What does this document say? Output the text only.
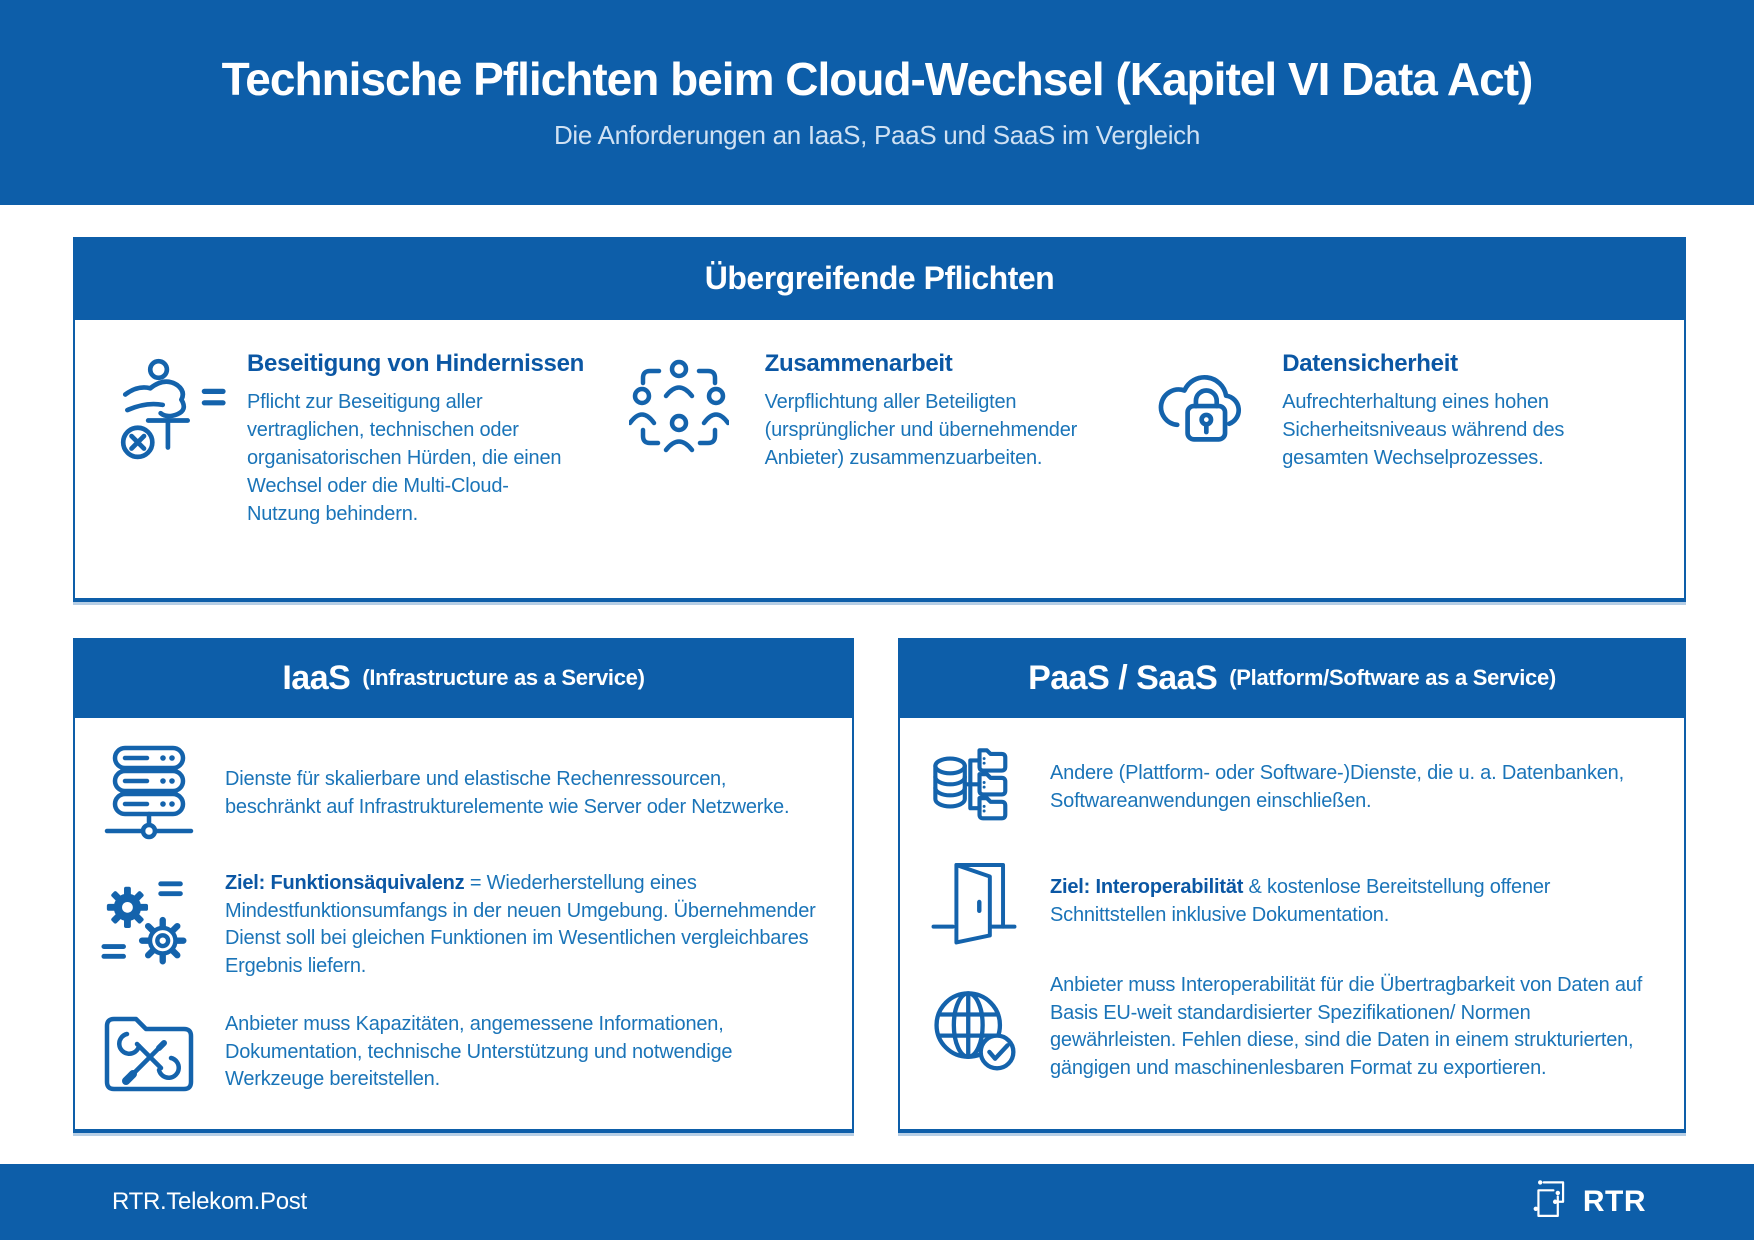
Technische Pflichten beim Cloud-Wechsel (Kapitel VI Data Act)
Die Anforderungen an IaaS, PaaS und SaaS im Vergleich
Übergreifende Pflichten
Beseitigung von Hindernissen
Pflicht zur Beseitigung aller vertraglichen, technischen oder organisatorischen Hürden, die einen Wechsel oder die Multi-Cloud-Nutzung behindern.
Zusammenarbeit
Verpflichtung aller Beteiligten (ursprünglicher und übernehmender Anbieter) zusammenzuarbeiten.
Datensicherheit
Aufrechterhaltung eines hohen Sicherheitsniveaus während des gesamten Wechselprozesses.
IaaS (Infrastructure as a Service)

Dienste für skalierbare und elastische Rechenressourcen, beschränkt auf Infrastrukturelemente wie Server oder Netzwerke.

Ziel: Funktionsäquivalenz = Wiederherstellung eines Mindestfunktionsumfangs in der neuen Umgebung. Übernehmender Dienst soll bei gleichen Funktionen im Wesentlichen vergleichbares Ergebnis liefern.

Anbieter muss Kapazitäten, angemessene Informationen, Dokumentation, technische Unterstützung und notwendige Werkzeuge bereitstellen.

PaaS / SaaS (Platform/Software as a Service)

Andere (Plattform- oder Software-)Dienste, die u. a. Datenbanken, Softwareanwendungen einschließen.

Ziel: Interoperabilität & kostenlose Bereitstellung offener Schnittstellen inklusive Dokumentation.

Anbieter muss Interoperabilität für die Übertragbarkeit von Daten auf Basis EU-weit standardisierter Spezifikationen/ Normen gewährleisten. Fehlen diese, sind die Daten in einem strukturierten, gängigen und maschinenlesbaren Format zu exportieren.

RTR.Telekom.Post	RTR
